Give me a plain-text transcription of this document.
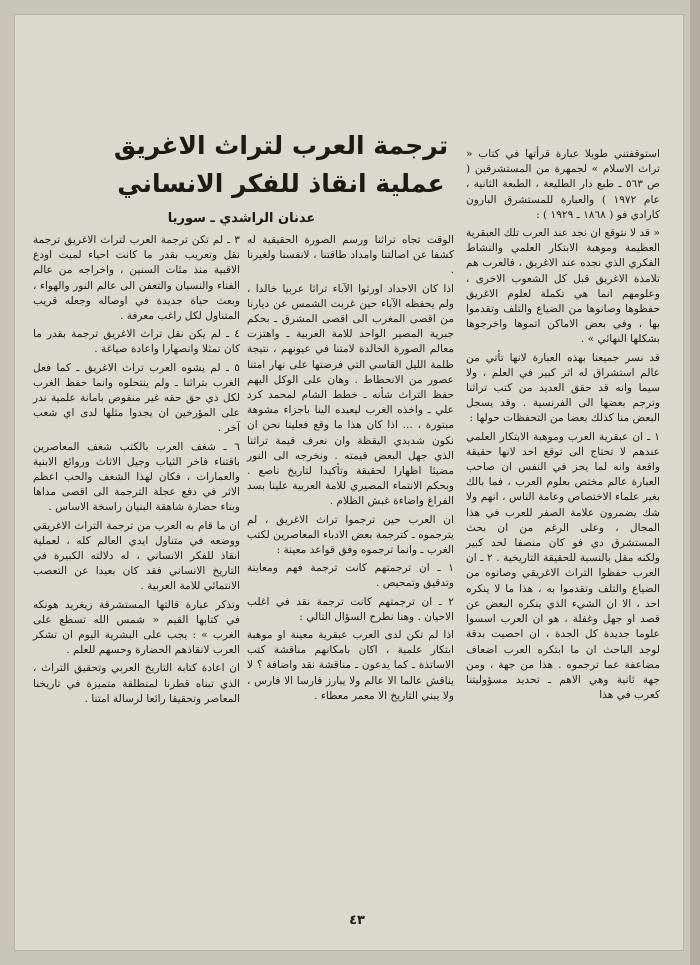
ترجمة العرب لتراث الاغريق
عملية انقاذ للفكر الانساني
عدنان الراشدي ـ سوريا

استوقفتني طويلا عبارة قرأتها في كتاب « تراث الاسلام » لجمهرة من المستشرقين ( ص ٥٦٣ ـ طبع دار الطليعة ، الطبعة الثانية ، عام ١٩٧٢ ) والعبارة للمستشرق البارون كارادي فو ( ١٨٦٨ ـ ١٩٢٩ ) :

« قد لا نتوقع ان نجد عند العرب تلك العبقرية العظيمة وموهبة الابتكار العلمي والنشاط الفكري الذي نجده عند الاغريق ، فالعرب هم تلامذة الاغريق قبل كل الشعوب الاخرى ، وعلومهم انما هي تكملة لعلوم الاغريق حفظوها وصانوها من الضياع والتلف وتقدموا بها ، وفي بعض الاماكن اتموها واخرجوها بشكلها النهائي » .

قد نسر جميعنا بهذه العبارة لانها تأتي من عالم استشراق له اثر كبير في العلم ، ولا سيما وانه قد حقق العديد من كتب تراثنا وترجم بعضها الى الفرنسية . وقد يسجل البعض منا كذلك بعضا من التحفظات حولها :

١ ـ ان عبقرية العرب وموهبة الابتكار العلمي عندهم لا تحتاج الى توقع احد لانها حقيقة واقعة وانه لما يحز في النفس ان صاحب العبارة عالم مختص بعلوم العرب ، فما بالك بغير علماء الاختصاص وعامة الناس ، انهم ولا شك يضمرون علامة الصفر للعرب في هذا المجال ، وعلى الرغم من ان بحث المستشرق دي فو كان منصفا لحد كبير ولكنه مقل بالنسبة للحقيقة التاريخية . ٢ ـ ان العرب حفظوا التراث الاغريقي وصانوه من الضياع والتلف وتقدموا به ، هذا ما لا ينكره احد ، الا ان الشيء الذي ينكره البعض عن قصد او جهل وغفلة ، هو ان العرب اسسوا علوما جديدة كل الجدة ، ان احصيت بدقة لوجد الباحث ان ما ابتكره العرب اضعاف مضاعفة عما ترجموه . هذا من جهة ، ومن جهة ثانية وهي الاهم ـ تحديد مسؤوليتنا كعرب في هذا

الوقت تجاه تراثنا ورسم الصورة الحقيقية له كشفا عن اصالتنا وامداد طاقتنا ، لانفسنا ولغيرنا .

اذا كان الاجداد اورثوا الآباء تراثا عربيا خالدا ، ولم يحفظه الآباء حين غربت الشمس عن ديارنا من اقصى المغرب الى اقصى المشرق ـ بحكم جبرية المصير الواحد للامة العربية ـ واهتزت معالم الصورة الخالدة لامتنا في عيونهم ، نتيجة ظلمة الليل القاسي التي فرضتها على نهار امتنا عصور من الانحطاط . وهان على الوكل اليهم حفظ التراث شأنه ـ خطط الشام لمحمد كرد علي ـ واخذه الغرب ليعيده الينا باجزاء مشوهة مبتورة ، ... اذا كان هذا ما وقع فعلينا نحن ان نكون شديدي اليقظة وان نعرف قيمة تراثنا الذي جهل البعض قيمته . ونخرجه الى النور مضيئا اظهارا لحقيقة وتأكيدا لتاريخ ناصع . وبحكم الانتماء المصيري للامة العربية علينا بسد الفراغ واضاءة غبش الظلام .

ان العرب حين ترجموا تراث الاغريق ، لم يترجموه ـ كترجمة بعض الادباء المعاصرين لكتب الغرب ـ وانما ترجموه وفق قواعد معينة :

١ ـ ان ترجمتهم كانت ترجمة فهم ومعاينة وتدقيق وتمحيص .

٢ ـ ان ترجمتهم كانت ترجمة نقد في اغلب الاحيان . وهنا نطرح السؤال التالي :

اذا لم تكن لدى العرب عبقرية معينة او موهبة ابتكار علمية ، اكان بامكانهم مناقشة كتب الاساتذة ـ كما يدعون ـ مناقشة نقد واضافة ؟ لا يناقش عالما الا عالم ولا يبارز فارسا الا فارس ، ولا يبني التاريخ الا معمر معطاء .

٣ ـ لم تكن ترجمة العرب لتراث الاغريق ترجمة نقل وتعريب بقدر ما كانت احياء لميت اودع الاقبية منذ مئات السنين ، واخراجه من عالم الفناء والنسيان والتعفن الى عالم النور والهواء ، وبعث حياة جديدة في اوصاله وجعله قريب المتناول لكل راغب معرفة .

٤ ـ لم يكن نقل تراث الاغريق ترجمة بقدر ما كان تمثلا وانصهارا واعادة صياغة .

٥ ـ لم يشوه العرب تراث الاغريق ـ كما فعل الغرب بتراثنا ـ ولم ينتحلوه وانما حفظ الغرب لكل ذي حق حقه غير منقوص بامانة علمية ندر على المؤرخين ان يجدوا مثلها لدى اي شعب آخر .

٦ ـ شغف العرب بالكتب شغف المعاصرين باقتناء فاخر الثياب وجيل الاثاث وروائع الابنية والعمارات ، فكان لهذا الشغف والحب اعظم الاثر في دفع عجلة الترجمة الى اقصى مداها وبناء حضارة شاهقة البنيان راسخة الاساس .

ان ما قام به العرب من ترجمة التراث الاغريقي ووضعه في متناول ايدي العالم كله ، لعملية انقاذ للفكر الانساني ، له دلالته الكبيرة في التاريخ الانساني فقد كان بعيدا عن التعصب الانتمائي للامة العربية .

وتذكر عبارة قالتها المستشرقة زيغريد هونكه في كتابها القيم « شمس الله تسطع على الغرب » : يجب على البشرية اليوم ان تشكر العرب لانقاذهم الحضارة وحسهم للعلم .

ان اعادة كتابة التاريخ العربي وتحقيق التراث ، الذي تبناه قطرنا لمنطلقة متميزة في تاريخنا المعاصر وتحقيقا رائعا لرسالة امتنا .

٤٣
